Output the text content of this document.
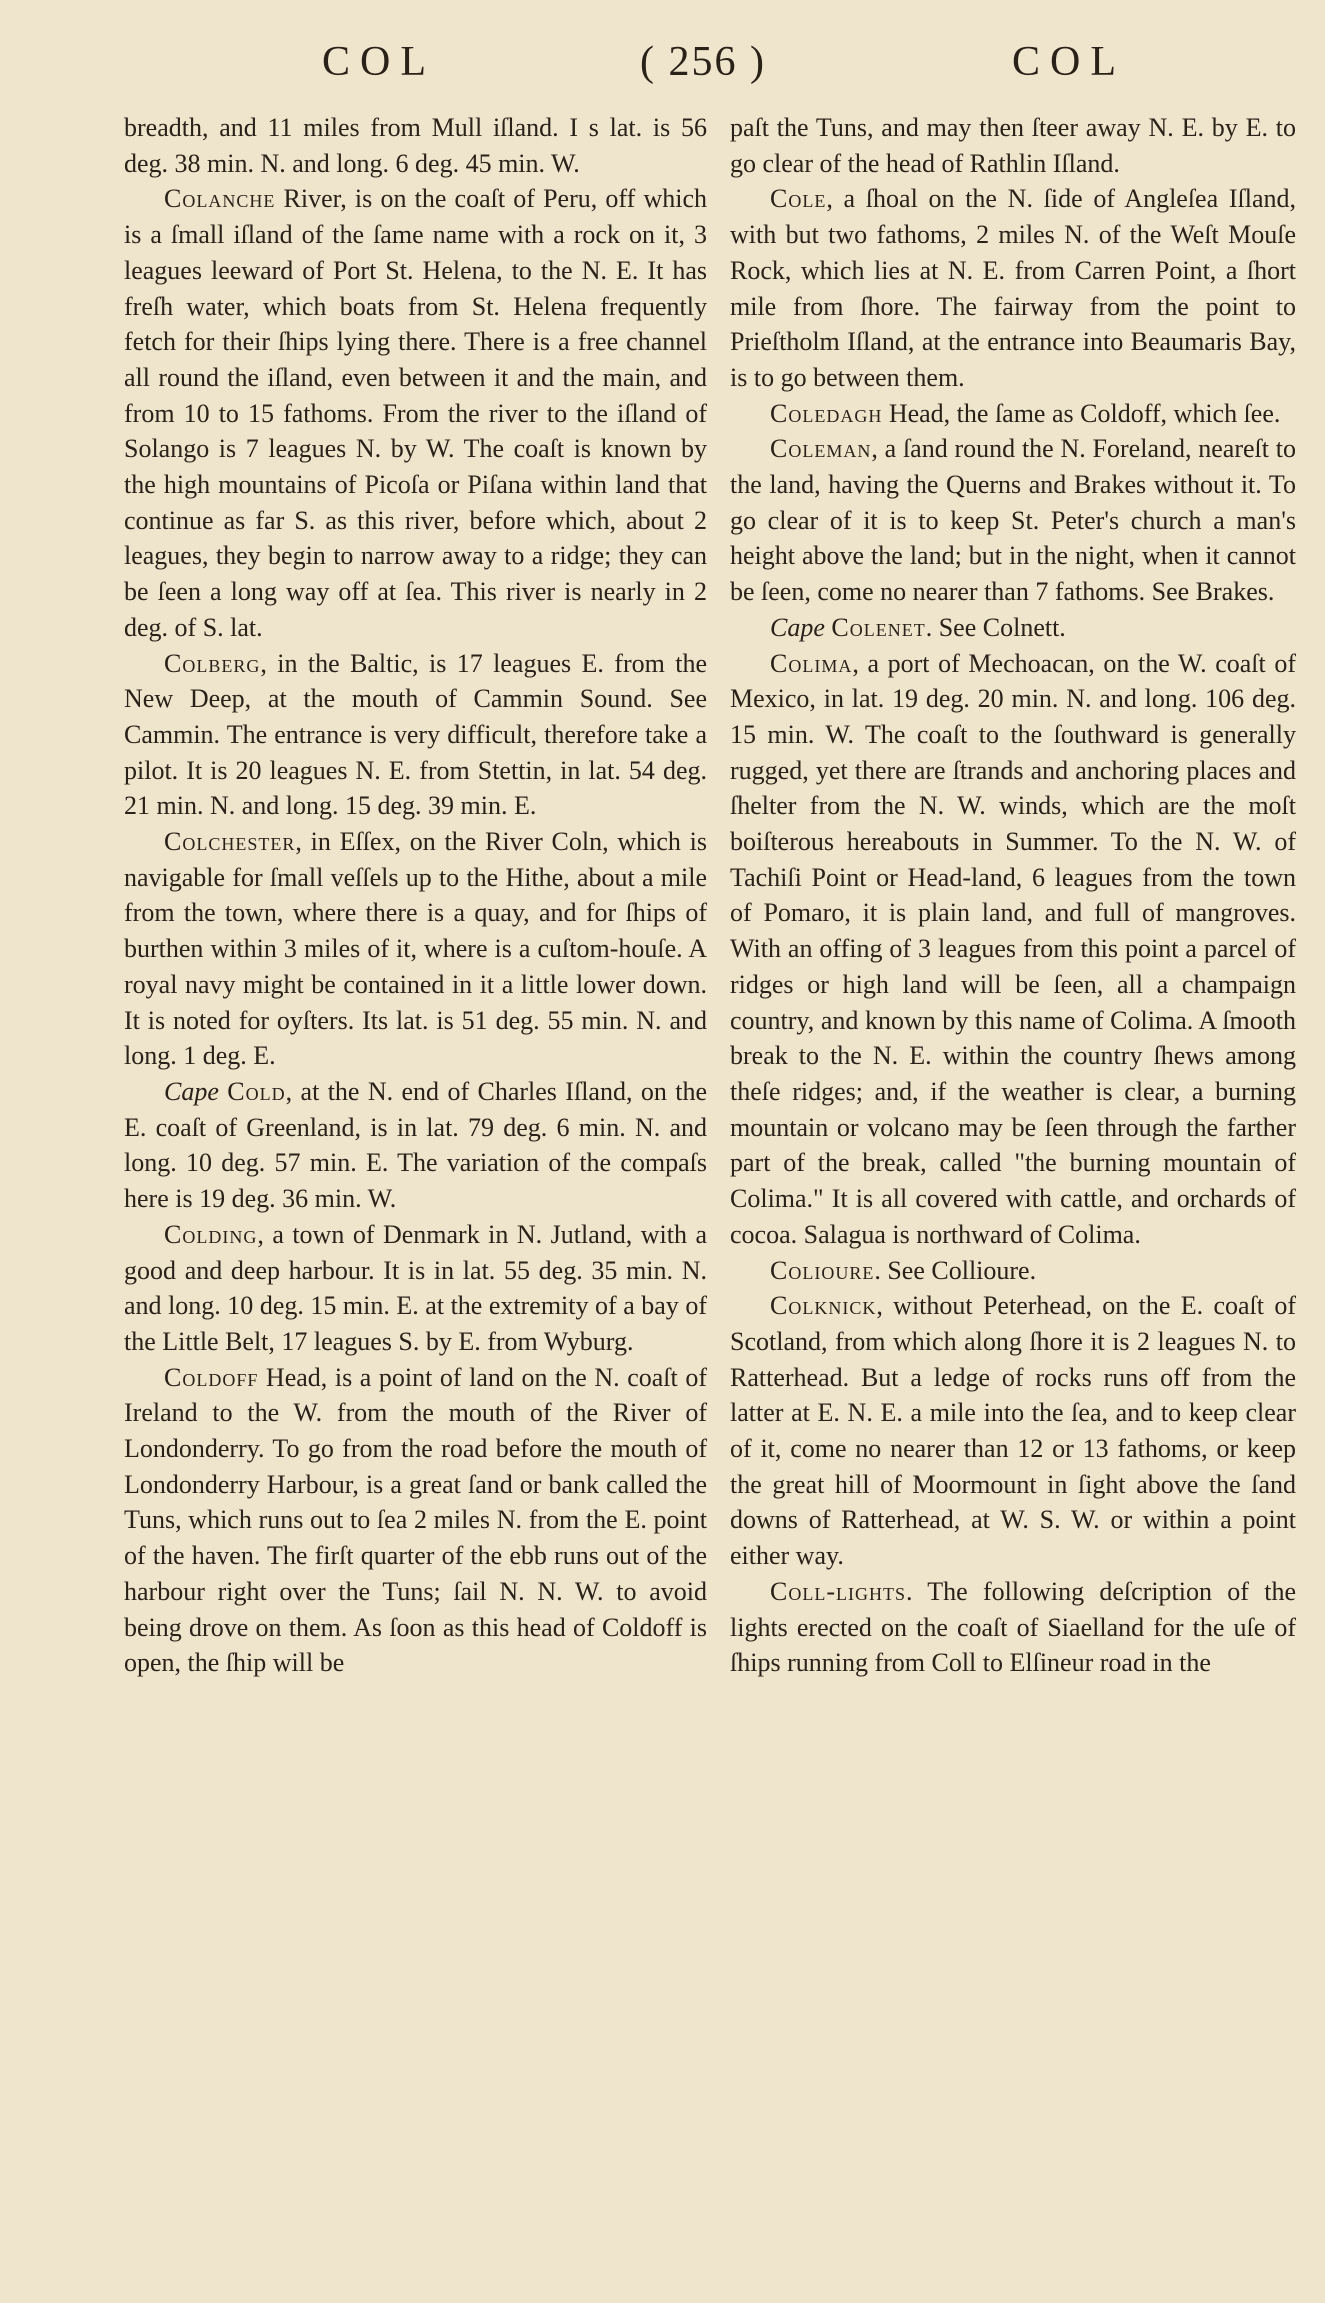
COL	( 256 )	COL

breadth, and 11 miles from Mull iſland. I s lat. is 56 deg. 38 min. N. and long. 6 deg. 45 min. W.

Colanche River, is on the coaſt of Peru, off which is a ſmall iſland of the ſame name with a rock on it, 3 leagues leeward of Port St. Helena, to the N. E. It has freſh water, which boats from St. Helena frequently fetch for their ſhips lying there. There is a free channel all round the iſland, even between it and the main, and from 10 to 15 fathoms. From the river to the iſland of Solango is 7 leagues N. by W. The coaſt is known by the high mountains of Picoſa or Piſana within land that continue as far S. as this river, before which, about 2 leagues, they begin to narrow away to a ridge; they can be ſeen a long way off at ſea. This river is nearly in 2 deg. of S. lat.

Colberg, in the Baltic, is 17 leagues E. from the New Deep, at the mouth of Cammin Sound. See Cammin. The entrance is very difficult, therefore take a pilot. It is 20 leagues N. E. from Stettin, in lat. 54 deg. 21 min. N. and long. 15 deg. 39 min. E.

Colchester, in Eſſex, on the River Coln, which is navigable for ſmall veſſels up to the Hithe, about a mile from the town, where there is a quay, and for ſhips of burthen within 3 miles of it, where is a cuſtom-houſe. A royal navy might be contained in it a little lower down. It is noted for oyſters. Its lat. is 51 deg. 55 min. N. and long. 1 deg. E.

Cape Cold, at the N. end of Charles Iſland, on the E. coaſt of Greenland, is in lat. 79 deg. 6 min. N. and long. 10 deg. 57 min. E. The variation of the compaſs here is 19 deg. 36 min. W.

Colding, a town of Denmark in N. Jutland, with a good and deep harbour. It is in lat. 55 deg. 35 min. N. and long. 10 deg. 15 min. E. at the extremity of a bay of the Little Belt, 17 leagues S. by E. from Wyburg.

Coldoff Head, is a point of land on the N. coaſt of Ireland to the W. from the mouth of the River of Londonderry. To go from the road before the mouth of Londonderry Harbour, is a great ſand or bank called the Tuns, which runs out to ſea 2 miles N. from the E. point of the haven. The firſt quarter of the ebb runs out of the harbour right over the Tuns; ſail N. N. W. to avoid being drove on them. As ſoon as this head of Coldoff is open, the ſhip will be

paſt the Tuns, and may then ſteer away N. E. by E. to go clear of the head of Rathlin Iſland.

Cole, a ſhoal on the N. ſide of Angleſea Iſland, with but two fathoms, 2 miles N. of the Weſt Mouſe Rock, which lies at N. E. from Carren Point, a ſhort mile from ſhore. The fairway from the point to Prieſtholm Iſland, at the entrance into Beaumaris Bay, is to go between them.

Coledagh Head, the ſame as Coldoff, which ſee.

Coleman, a ſand round the N. Foreland, neareſt to the land, having the Querns and Brakes without it. To go clear of it is to keep St. Peter's church a man's height above the land; but in the night, when it cannot be ſeen, come no nearer than 7 fathoms. See Brakes.

Cape Colenet. See Colnett.

Colima, a port of Mechoacan, on the W. coaſt of Mexico, in lat. 19 deg. 20 min. N. and long. 106 deg. 15 min. W. The coaſt to the ſouthward is generally rugged, yet there are ſtrands and anchoring places and ſhelter from the N. W. winds, which are the moſt boiſterous hereabouts in Summer. To the N. W. of Tachiſi Point or Head-land, 6 leagues from the town of Pomaro, it is plain land, and full of mangroves. With an offing of 3 leagues from this point a parcel of ridges or high land will be ſeen, all a champaign country, and known by this name of Colima. A ſmooth break to the N. E. within the country ſhews among theſe ridges; and, if the weather is clear, a burning mountain or volcano may be ſeen through the farther part of the break, called "the burning mountain of Colima." It is all covered with cattle, and orchards of cocoa. Salagua is northward of Colima.

Colioure. See Collioure.

Colknick, without Peterhead, on the E. coaſt of Scotland, from which along ſhore it is 2 leagues N. to Ratterhead. But a ledge of rocks runs off from the latter at E. N. E. a mile into the ſea, and to keep clear of it, come no nearer than 12 or 13 fathoms, or keep the great hill of Moormount in ſight above the ſand downs of Ratterhead, at W. S. W. or within a point either way.

Coll-lights. The following deſcription of the lights erected on the coaſt of Siaelland for the uſe of ſhips running from Coll to Elſineur road in the
